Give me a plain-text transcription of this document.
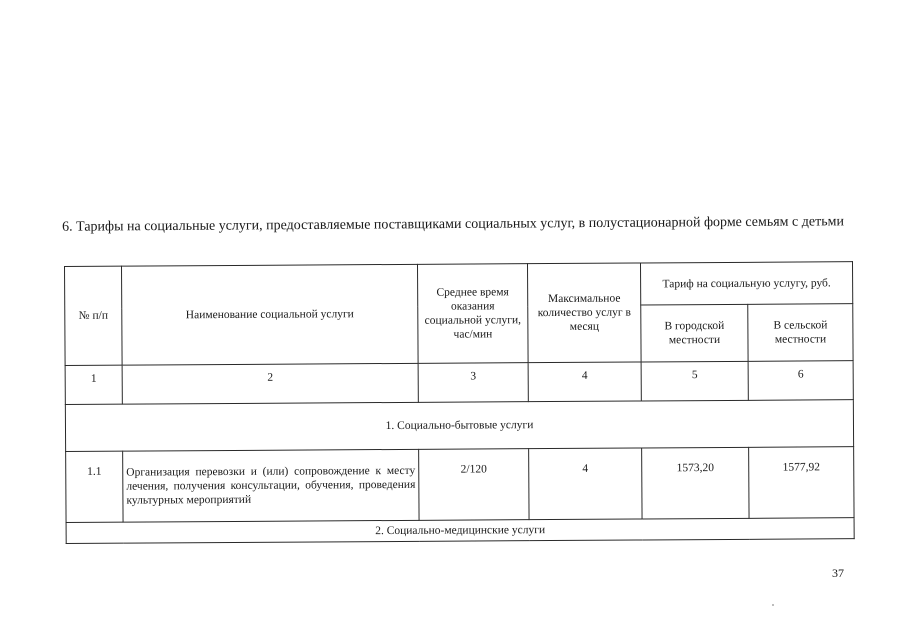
6. Тарифы на социальные услуги, предоставляемые поставщиками социальных услуг, в полустационарной форме семьям с детьми
№ п/п	Наименование социальной услуги	Среднее время оказания социальной услуги, час/мин	Максимальное количество услуг в месяц	Тариф на социальную услугу, руб.	
				В городской местности	В сельской местности
1	2	3	4	5	6
1. Социально-бытовые услуги					
1.1	Организация перевозки и (или) сопровождение к месту лечения, получения консультации, обучения, проведения культурных мероприятий	2/120	4	1573,20	1577,92
2. Социально-медицинские услуги					
37
